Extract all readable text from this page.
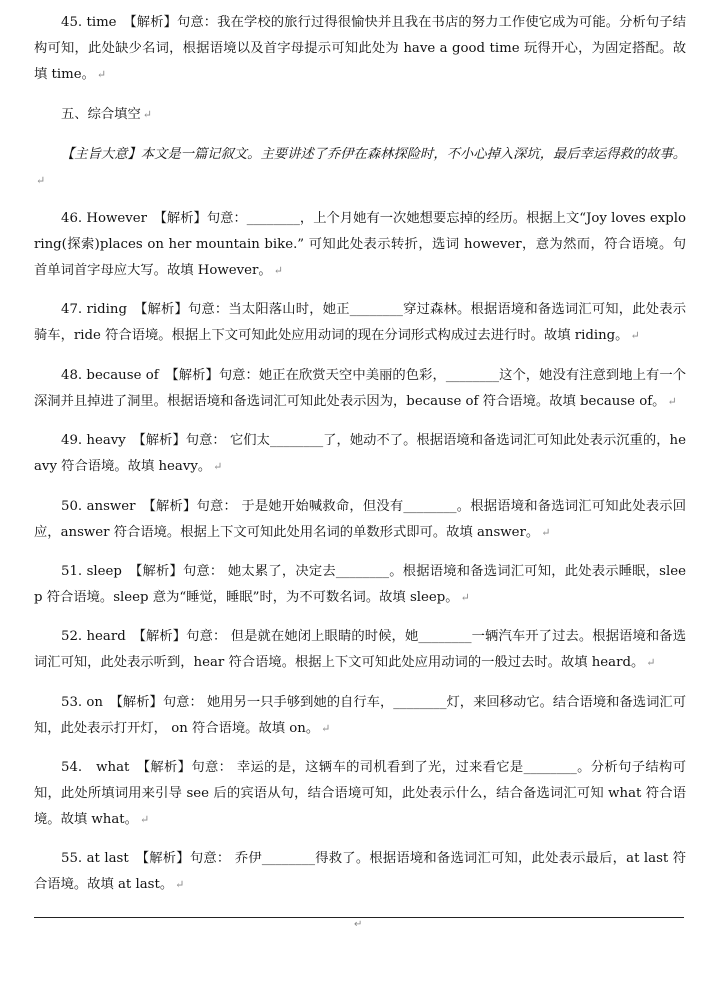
45. time　【解析】句意：我在学校的旅行过得很愉快并且我在书店的努力工作使它成为可能。分析句子结构可知，此处缺少名词，根据语境以及首字母提示可知此处为 have a good time 玩得开心，为固定搭配。故填 time。 ↵
五、综合填空 ↵
【主旨大意】本文是一篇记叙文。主要讲述了乔伊在森林探险时，不小心掉入深坑，最后幸运得救的故事。↵
46. However　【解析】句意：________，上个月她有一次她想要忘掉的经历。根据上文“Joy loves exploring(探索)places on her mountain bike.” 可知此处表示转折，选词 however，意为然而，符合语境。句首单词首字母应大写。故填 However。 ↵
47. riding　【解析】句意：当太阳落山时，她正________穿过森林。根据语境和备选词汇可知，此处表示骑车，ride 符合语境。根据上下文可知此处应用动词的现在分词形式构成过去进行时。故填 riding。 ↵
48. because of　【解析】句意：她正在欣赏天空中美丽的色彩，________这个，她没有注意到地上有一个深洞并且掉进了洞里。根据语境和备选词汇可知此处表示因为，because of 符合语境。故填 because of。 ↵
49. heavy　【解析】句意： 它们太________了，她动不了。根据语境和备选词汇可知此处表示沉重的，heavy 符合语境。故填 heavy。 ↵
50. answer　【解析】句意： 于是她开始喊救命，但没有________。根据语境和备选词汇可知此处表示回应，answer 符合语境。根据上下文可知此处用名词的单数形式即可。故填 answer。 ↵
51. sleep　【解析】句意： 她太累了，决定去________。根据语境和备选词汇可知，此处表示睡眠，sleep 符合语境。sleep 意为“睡觉，睡眠”时，为不可数名词。故填 sleep。 ↵
52. heard　【解析】句意： 但是就在她闭上眼睛的时候，她________一辆汽车开了过去。根据语境和备选词汇可知，此处表示听到，hear 符合语境。根据上下文可知此处应用动词的一般过去时。故填 heard。 ↵
53. on　【解析】句意： 她用另一只手够到她的自行车，________灯，来回移动它。结合语境和备选词汇可知，此处表示打开灯， on 符合语境。故填 on。 ↵
54.　what　【解析】句意： 幸运的是，这辆车的司机看到了光，过来看它是________。分析句子结构可知，此处所填词用来引导 see 后的宾语从句，结合语境可知，此处表示什么，结合备选词汇可知 what 符合语境。故填 what。 ↵
55. at last　【解析】句意： 乔伊________得救了。根据语境和备选词汇可知，此处表示最后，at last 符合语境。故填 at last。 ↵
↵
